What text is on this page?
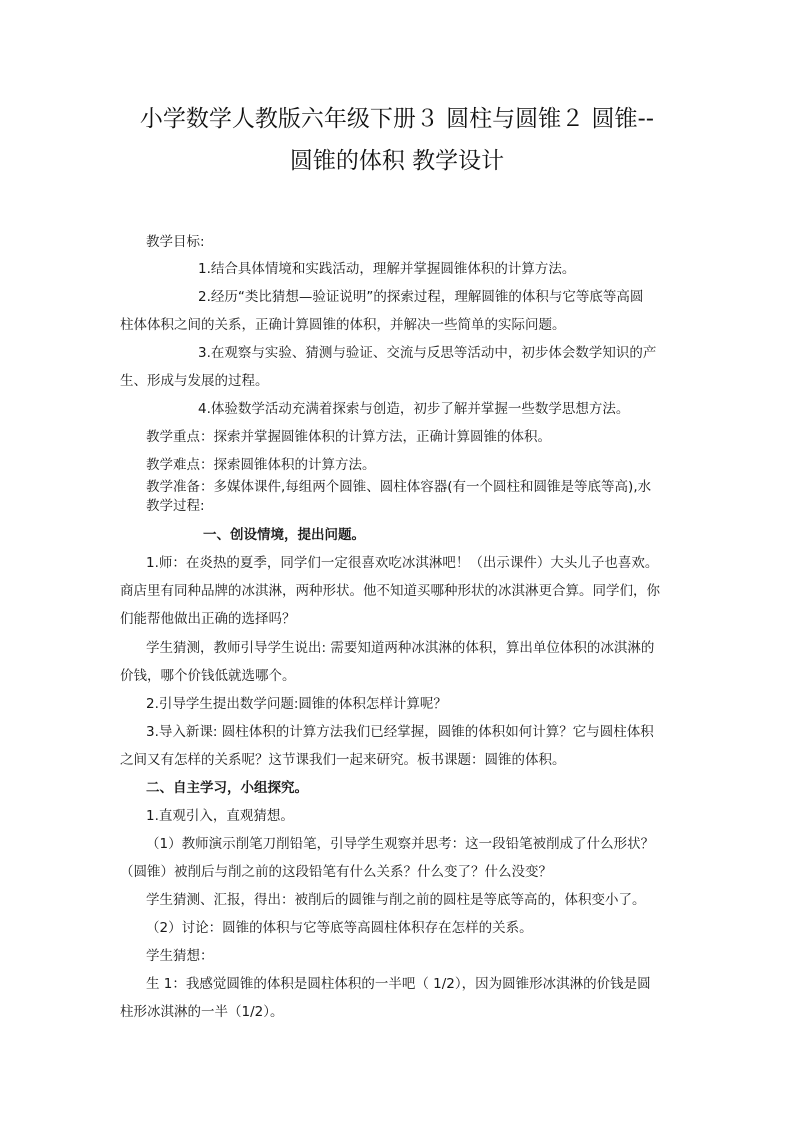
小学数学人教版六年级下册３ 圆柱与圆锥２ 圆锥--
圆锥的体积 教学设计
教学目标:
1.结合具体情境和实践活动，理解并掌握圆锥体积的计算方法。
2.经历“类比猜想—验证说明”的探索过程，理解圆锥的体积与它等底等高圆
柱体体积之间的关系，正确计算圆锥的体积，并解决一些简单的实际问题。
3.在观察与实验、猜测与验证、交流与反思等活动中，初步体会数学知识的产
生、形成与发展的过程。
4.体验数学活动充满着探索与创造，初步了解并掌握一些数学思想方法。
教学重点：探索并掌握圆锥体积的计算方法，正确计算圆锥的体积。
教学难点：探索圆锥体积的计算方法。
教学准备：多媒体课件,每组两个圆锥、圆柱体容器(有一个圆柱和圆锥是等底等高),水
教学过程:
一、创设情境，提出问题。
1.师：在炎热的夏季，同学们一定很喜欢吃冰淇淋吧！（出示课件）大头儿子也喜欢。
商店里有同种品牌的冰淇淋，两种形状。他不知道买哪种形状的冰淇淋更合算。同学们，你
们能帮他做出正确的选择吗？
学生猜测，教师引导学生说出: 需要知道两种冰淇淋的体积，算出单位体积的冰淇淋的
价钱，哪个价钱低就选哪个。
2.引导学生提出数学问题:圆锥的体积怎样计算呢？
3.导入新课: 圆柱体积的计算方法我们已经掌握，圆锥的体积如何计算？它与圆柱体积
之间又有怎样的关系呢？这节课我们一起来研究。板书课题：圆锥的体积。
二、自主学习，小组探究。
1.直观引入，直观猜想。
（1）教师演示削笔刀削铅笔，引导学生观察并思考：这一段铅笔被削成了什么形状？
（圆锥）被削后与削之前的这段铅笔有什么关系？什么变了？什么没变？
学生猜测、汇报，得出：被削后的圆锥与削之前的圆柱是等底等高的，体积变小了。
（2）讨论：圆锥的体积与它等底等高圆柱体积存在怎样的关系。
学生猜想：
生 1：我感觉圆锥的体积是圆柱体积的一半吧（ 1/2），因为圆锥形冰淇淋的价钱是圆
柱形冰淇淋的一半（1/2）。
